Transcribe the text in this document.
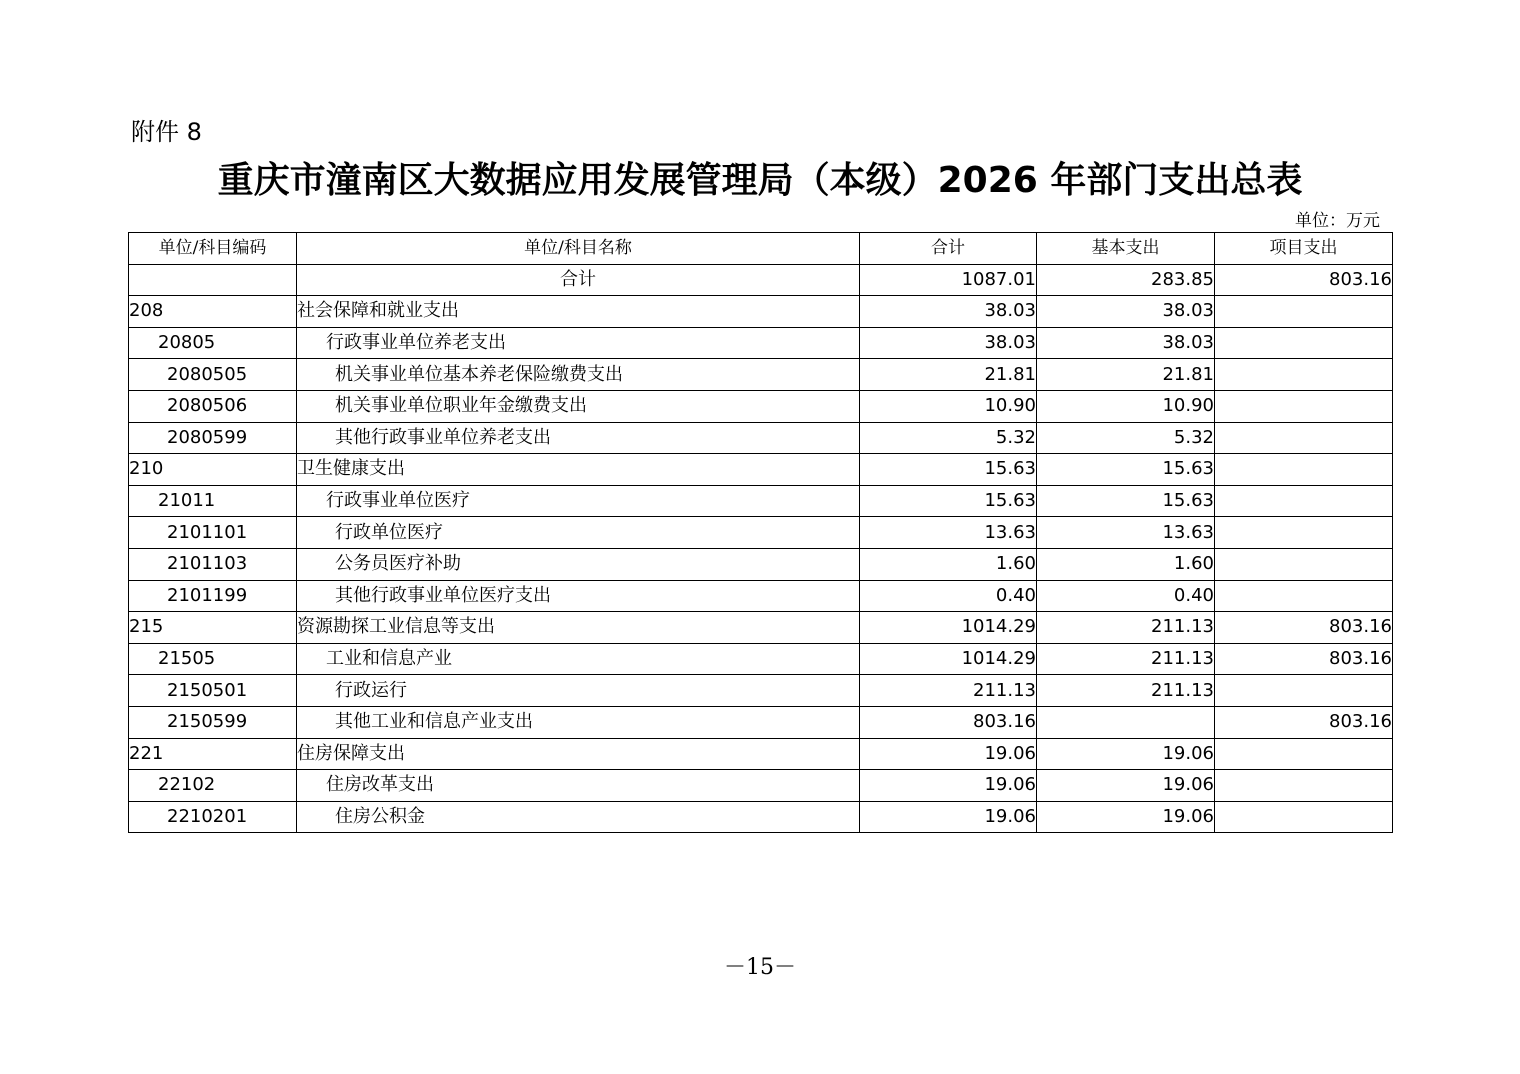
附件 8
重庆市潼南区大数据应用发展管理局（本级）2026 年部门支出总表
单位：万元
单位/科目编码	单位/科目名称	合计	基本支出	项目支出
	合计	1087.01	283.85	803.16
208	社会保障和就业支出	38.03	38.03	
20805	行政事业单位养老支出	38.03	38.03	
2080505	机关事业单位基本养老保险缴费支出	21.81	21.81	
2080506	机关事业单位职业年金缴费支出	10.90	10.90	
2080599	其他行政事业单位养老支出	5.32	5.32	
210	卫生健康支出	15.63	15.63	
21011	行政事业单位医疗	15.63	15.63	
2101101	行政单位医疗	13.63	13.63	
2101103	公务员医疗补助	1.60	1.60	
2101199	其他行政事业单位医疗支出	0.40	0.40	
215	资源勘探工业信息等支出	1014.29	211.13	803.16
21505	工业和信息产业	1014.29	211.13	803.16
2150501	行政运行	211.13	211.13	
2150599	其他工业和信息产业支出	803.16		803.16
221	住房保障支出	19.06	19.06	
22102	住房改革支出	19.06	19.06	
2210201	住房公积金	19.06	19.06	
－15－
